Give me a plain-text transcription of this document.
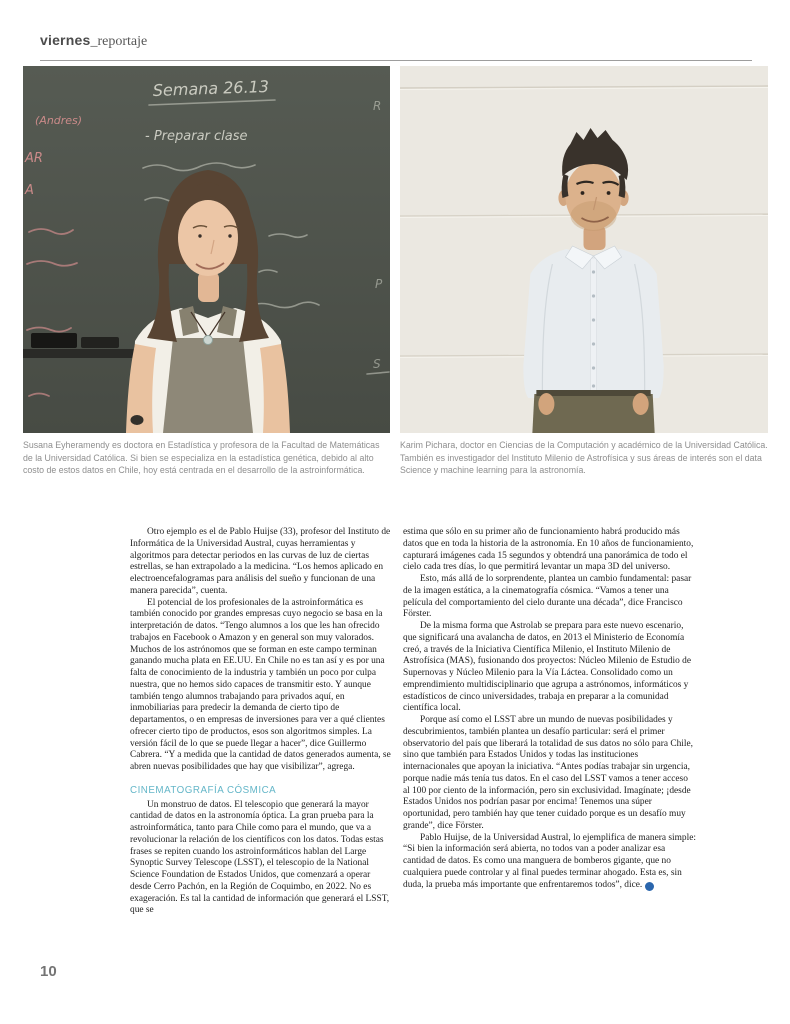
viernes_reportaje
Semana 26.13
- Preparar clase
R
P
S
(Andres)
AR
A
Susana Eyheramendy es doctora en Estadística y profesora de la Facultad de Matemáticas de la Universidad Católica. Si bien se especializa en la estadística genética, debido al alto costo de estos datos en Chile, hoy está centrada en el desarrollo de la astroinformática.
Karim Pichara, doctor en Ciencias de la Computación y académico de la Universidad Católica. También es investigador del Instituto Milenio de Astrofísica y sus áreas de interés son el data Science y machine learning para la astronomía.

Otro ejemplo es el de Pablo Huijse (33), profesor del Instituto de Informática de la Universidad Austral, cuyas herramientas y algoritmos para detectar periodos en las curvas de luz de ciertas estrellas, se han extrapolado a la medicina. “Los hemos aplicado en electroencefalogramas para análisis del sueño y funcionan de una manera parecida”, cuenta.

El potencial de los profesionales de la astroinformática es también conocido por grandes empresas cuyo negocio se basa en la interpretación de datos. “Tengo alumnos a los que les han ofrecido trabajos en Facebook o Amazon y en general son muy valorados. Muchos de los astrónomos que se forman en este campo terminan ganando mucha plata en EE.UU. En Chile no es tan así y es por una falta de conocimiento de la industria y también un poco por culpa nuestra, que no hemos sido capaces de transmitir esto. Y aunque también tengo alumnos trabajando para privados aquí, en inmobiliarias para predecir la demanda de cierto tipo de departamentos, o en empresas de inversiones para ver a qué clientes ofrecer cierto tipo de productos, esos son algoritmos simples. La versión fácil de lo que se puede llegar a hacer”, dice Guillermo Cabrera. “Y a medida que la cantidad de datos generados aumenta, se abren nuevas posibilidades que hay que visibilizar”, agrega.

CINEMATOGRAFÍA CÓSMICA

Un monstruo de datos. El telescopio que generará la mayor cantidad de datos en la astronomía óptica. La gran prueba para la astroinformática, tanto para Chile como para el mundo, que va a revolucionar la relación de los científicos con los datos. Todas estas frases se repiten cuando los astroinformáticos hablan del Large Synoptic Survey Telescope (LSST), el telescopio de la National Science Foundation de Estados Unidos, que comenzará a operar desde Cerro Pachón, en la Región de Coquimbo, en 2022. No es exageración. Es tal la cantidad de información que generará el LSST, que se

estima que sólo en su primer año de funcionamiento habrá producido más datos que en toda la historia de la astronomía. En 10 años de funcionamiento, capturará imágenes cada 15 segundos y obtendrá una panorámica de todo el cielo cada tres días, lo que permitirá levantar un mapa 3D del universo.

Esto, más allá de lo sorprendente, plantea un cambio fundamental: pasar de la imagen estática, a la cinematografía cósmica. “Vamos a tener una película del comportamiento del cielo durante una década”, dice Francisco Förster.

De la misma forma que Astrolab se prepara para este nuevo escenario, que significará una avalancha de datos, en 2013 el Ministerio de Economía creó, a través de la Iniciativa Científica Milenio, el Instituto Milenio de Astrofísica (MAS), fusionando dos proyectos: Núcleo Milenio de Estudio de Supernovas y Núcleo Milenio para la Vía Láctea. Consolidado como un emprendimiento multidisciplinario que agrupa a astrónomos, informáticos y estadísticos de cinco universidades, trabaja en preparar a la comunidad científica local.

Porque así como el LSST abre un mundo de nuevas posibilidades y descubrimientos, también plantea un desafío particular: será el primer observatorio del país que liberará la totalidad de sus datos no sólo para Chile, sino que también para Estados Unidos y todas las instituciones internacionales que apoyan la iniciativa. “Antes podías trabajar sin urgencia, porque nadie más tenía tus datos. En el caso del LSST vamos a tener acceso al 100 por ciento de la información, pero sin exclusividad. Imagínate; ¡desde Estados Unidos nos podrían pasar por encima! Tenemos una súper oportunidad, pero también hay que tener cuidado porque es un desafío muy grande”, dice Förster.

Pablo Huijse, de la Universidad Austral, lo ejemplifica de manera simple: “Si bien la información será abierta, no todos van a poder analizar esa cantidad de datos. Es como una manguera de bomberos gigante, que no cualquiera puede controlar y al final puedes terminar ahogado. Esta es, sin duda, la prueba más importante que enfrentaremos todos”, dice.	V

10
